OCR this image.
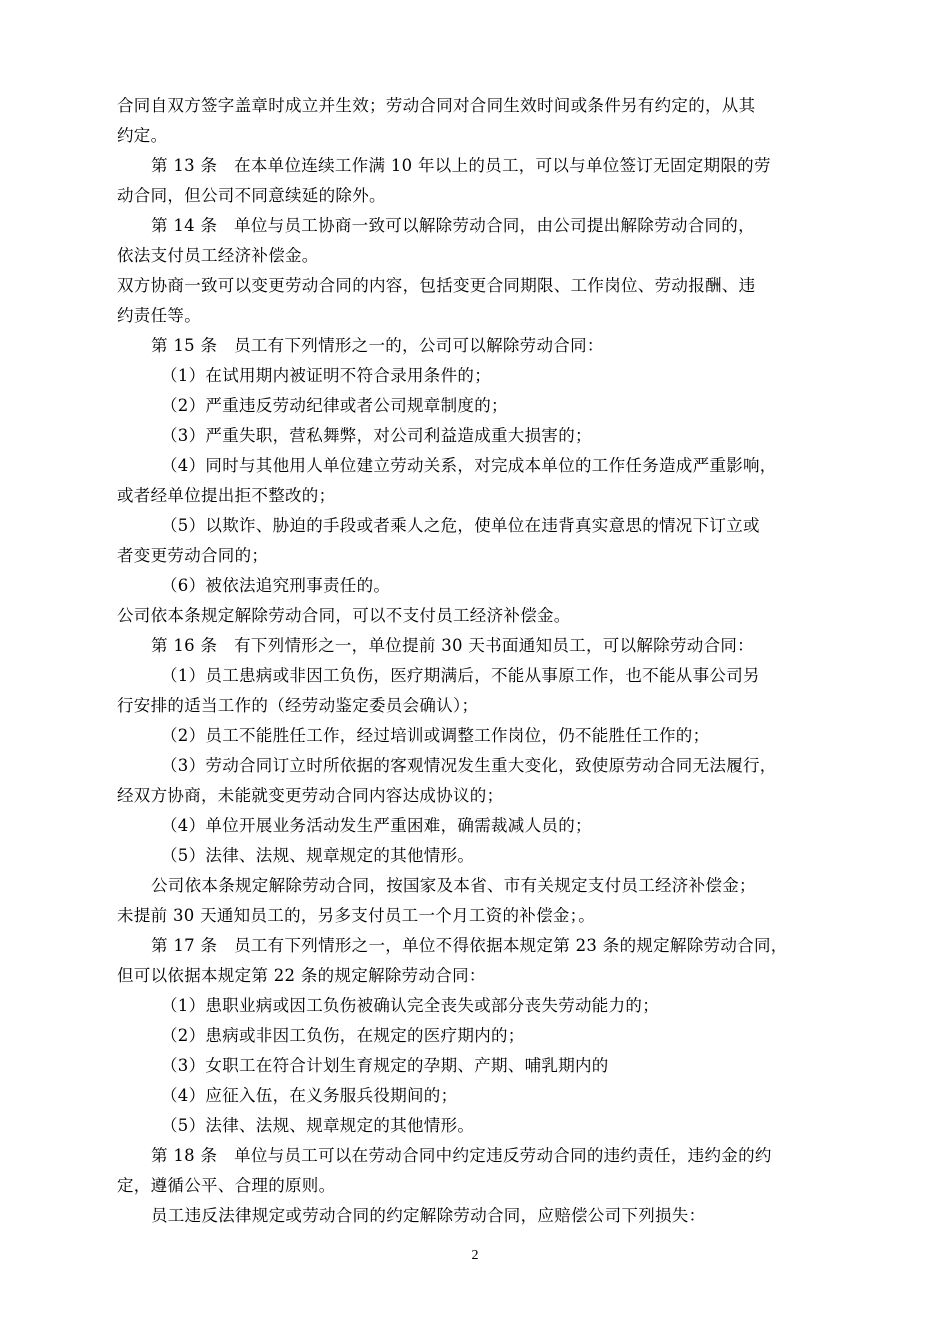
合同自双方签字盖章时成立并生效；劳动合同对合同生效时间或条件另有约定的，从其
约定。
第 13 条　在本单位连续工作满 10 年以上的员工，可以与单位签订无固定期限的劳
动合同，但公司不同意续延的除外。
第 14 条　单位与员工协商一致可以解除劳动合同，由公司提出解除劳动合同的，
依法支付员工经济补偿金。
双方协商一致可以变更劳动合同的内容，包括变更合同期限、工作岗位、劳动报酬、违
约责任等。
第 15 条　员工有下列情形之一的，公司可以解除劳动合同：
（1）在试用期内被证明不符合录用条件的；
（2）严重违反劳动纪律或者公司规章制度的；
（3）严重失职，营私舞弊，对公司利益造成重大损害的；
（4）同时与其他用人单位建立劳动关系，对完成本单位的工作任务造成严重影响，
或者经单位提出拒不整改的；
（5）以欺诈、胁迫的手段或者乘人之危，使单位在违背真实意思的情况下订立或
者变更劳动合同的；
（6）被依法追究刑事责任的。
公司依本条规定解除劳动合同，可以不支付员工经济补偿金。
第 16 条　有下列情形之一，单位提前 30 天书面通知员工，可以解除劳动合同：
（1）员工患病或非因工负伤，医疗期满后，不能从事原工作，也不能从事公司另
行安排的适当工作的（经劳动鉴定委员会确认）；
（2）员工不能胜任工作，经过培训或调整工作岗位，仍不能胜任工作的；
（3）劳动合同订立时所依据的客观情况发生重大变化，致使原劳动合同无法履行，
经双方协商，未能就变更劳动合同内容达成协议的；
（4）单位开展业务活动发生严重困难，确需裁减人员的；
（5）法律、法规、规章规定的其他情形。
公司依本条规定解除劳动合同，按国家及本省、市有关规定支付员工经济补偿金；
未提前 30 天通知员工的，另多支付员工一个月工资的补偿金；。
第 17 条　员工有下列情形之一，单位不得依据本规定第 23 条的规定解除劳动合同，
但可以依据本规定第 22 条的规定解除劳动合同：
（1）患职业病或因工负伤被确认完全丧失或部分丧失劳动能力的；
（2）患病或非因工负伤，在规定的医疗期内的；
（3）女职工在符合计划生育规定的孕期、产期、哺乳期内的
（4）应征入伍，在义务服兵役期间的；
（5）法律、法规、规章规定的其他情形。
第 18 条　单位与员工可以在劳动合同中约定违反劳动合同的违约责任，违约金的约
定，遵循公平、合理的原则。
员工违反法律规定或劳动合同的约定解除劳动合同，应赔偿公司下列损失：
2
